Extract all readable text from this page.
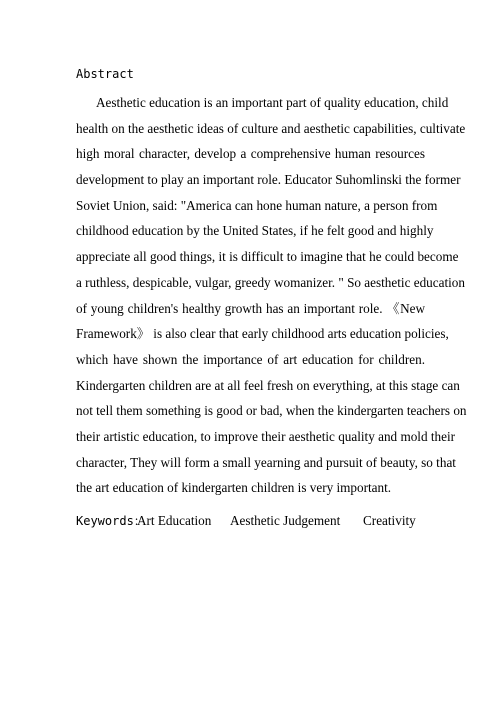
Abstract
Aesthetic education is an important part of quality education, child
health on the aesthetic ideas of culture and aesthetic capabilities, cultivate
high moral character, develop a comprehensive human resources
development to play an important role. Educator Suhomlinski the former
Soviet Union, said: "America can hone human nature, a person from
childhood education by the United States, if he felt good and highly
appreciate all good things, it is difficult to imagine that he could become
a ruthless, despicable, vulgar, greedy womanizer. " So aesthetic education
of young children's healthy growth has an important role. 《New
Framework》 is also clear that early childhood arts education policies,
which have shown the importance of art education for children.
Kindergarten children are at all feel fresh on everything, at this stage can
not tell them something is good or bad, when the kindergarten teachers on
their artistic education, to improve their aesthetic quality and mold their
character, They will form a small yearning and pursuit of beauty, so that
the art education of kindergarten children is very important.
Keywords：
Art Education Aesthetic Judgement Creativity
